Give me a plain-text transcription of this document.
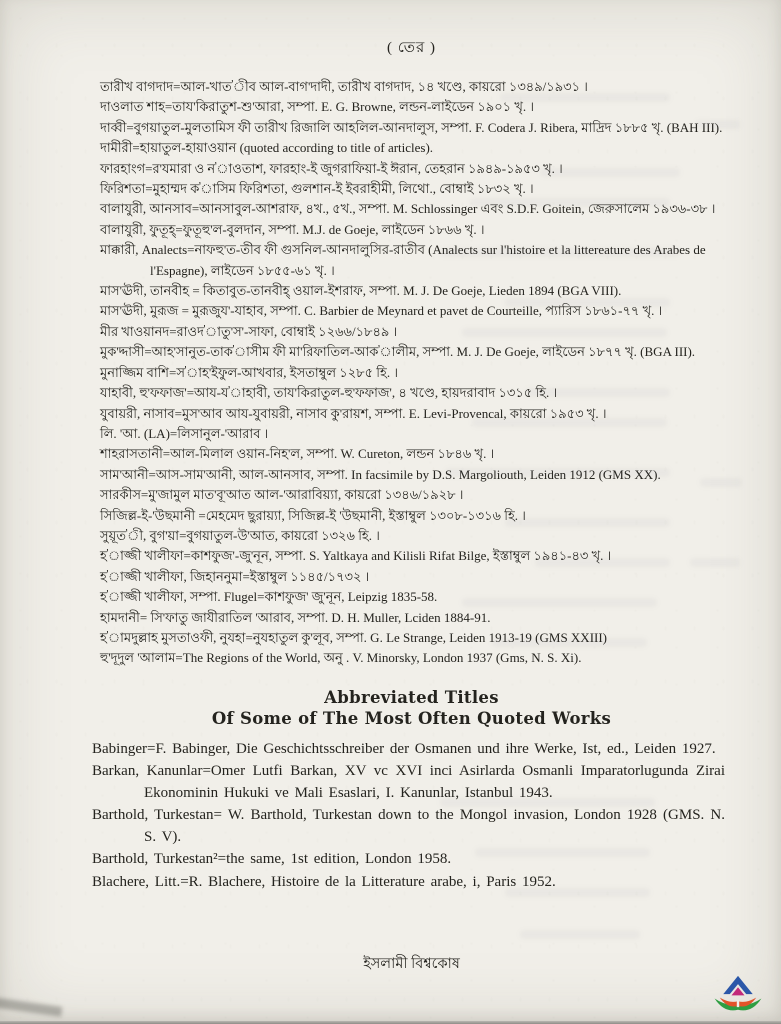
( তের )
তারীখ বাগদাদ=আল-খাত'ীব আল-বাগ'দাদী, তারীখ বাগদাদ, ১৪ খণ্ডে, কায়রো ১৩৪৯/১৯৩১ ।
দাওলাত শাহ=তায'কিরাতুশ-শু'আরা, সম্পা. E. G. Browne, লন্ডন-লাইডেন ১৯০১ খৃ. ।
দাব্বী=বুগয়াতুল-মুলতামিস ফী তারীখ রিজালি আহলিল-আনদালুস, সম্পা. F. Codera J. Ribera, মাদ্রিদ ১৮৮৫ খৃ. (BAH III).
দামীরী=হায়াতুল-হায়াওয়ান (quoted according to title of articles).
ফারহাংগ=র'যমারা ও ন'াওতাশ, ফারহাং-ই জুগরাফিয়া-ই ঈরান, তেহরান ১৯৪৯-১৯৫৩ খৃ. ।
ফিরিশতা=মুহাম্মদ ক'াসিম ফিরিশতা, গুলশান-ই ইবরাহীমী, লিথো., বোম্বাই ১৮৩২ খৃ. ।
বালাযুরী, আনসাব=আনসাবুল-আশরাফ, ৪খ., ৫খ., সম্পা. M. Schlossinger এবং S.D.F. Goitein, জেরুসালেম ১৯৩৬-৩৮ ।
বালাযুরী, ফুতূহ্=ফুতূহু'ল-বুলদান, সম্পা. M.J. de Goeje, লাইডেন ১৮৬৬ খৃ. ।
মাক্কারী, Analects=নাফহু'ত-তীব ফী গুসনিল-আনদালুসির-রাতীব (Analects sur l'histoire et la littereature des Arabes de l'Espagne), লাইডেন ১৮৫৫-৬১ খৃ. ।
মাস'ঊদী, তানবীহ = কিতাবুত-তানবীহ্ ওয়াল-ইশরাফ, সম্পা. M. J. De Goeje, Lieden 1894 (BGA VIII).
মাস'ঊদী, মুরূজ = মুরূজুয'-যাহাব, সম্পা. C. Barbier de Meynard et pavet de Courteille, প্যারিস ১৮৬১-৭৭ খৃ. ।
মীর খাওয়ানদ=রাওদ'াতু'স'-সাফা, বোম্বাই ১২৬৬/১৮৪৯ ।
মুক'দ্দাসী=আহ'সানুত-তাক'াসীম ফী মা'রিফাতিল-আক'ালীম, সম্পা. M. J. De Goeje, লাইডেন ১৮৭৭ খৃ. (BGA III).
মুনাজ্জিম বাশি=স'াহ'ইফুল-আখবার, ইসতাম্বুল ১২৮৫ হি. ।
যাহাবী, হু'ফফাজ'=আয-য'াহাবী, তায'কিরাতুল-হু'ফফাজ', ৪ খণ্ডে, হায়দরাবাদ ১৩১৫ হি. ।
যুবায়রী, নাসাব=মুস'আব আয-যুবায়রী, নাসাব কু'রায়শ, সম্পা. E. Levi-Provencal, কায়রো ১৯৫৩ খৃ. ।
লি. 'আ. (LA)=লিসানুল-'আরাব ।
শাহরাসতানী=আল-মিলাল ওয়ান-নিহ'ল, সম্পা. W. Cureton, লন্ডন ১৮৪৬ খৃ. ।
সাম'আনী=আস-সাম'আনী, আল-আনসাব, সম্পা. In facsimile by D.S. Margoliouth, Leiden 1912 (GMS XX).
সারকীস=মু'জামুল মাত'বূ'আত আল-'আরাবিয়্যা, কায়রো ১৩৪৬/১৯২৮ ।
সিজিল্ল-ই-'উছমানী =মেহমেদ ছুরায়্যা, সিজিল্ল-ই 'উছমানী, ইস্তাম্বুল ১৩০৮-১৩১৬ হি. ।
সুয়ূত'ী, বুগ'য়া=বুগয়াতুল-উ'আত, কায়রো ১৩২৬ হি. ।
হ'াজ্জী খালীফা=কাশফুজ'-জু'নূন, সম্পা. S. Yaltkaya and Kilisli Rifat Bilge, ইস্তাম্বুল ১৯৪১-৪৩ খৃ. ।
হ'াজ্জী খালীফা, জিহাননুমা=ইস্তাম্বুল ১১৪৫/১৭৩২ ।
হ'াজ্জী খালীফা, সম্পা. Flugel=কাশফুজ' জু'নূন, Leipzig 1835-58.
হামদানী= সি'ফাতু জাযীরাতিল 'আরাব, সম্পা. D. H. Muller, Lciden 1884-91.
হ'ামদুল্লাহ মুসতাওফী, নুযহা=নুযহাতুল কু'লূব, সম্পা. G. Le Strange, Leiden 1913-19 (GMS XXIII)
হু'দূদুল 'আলাম=The Regions of the World, অনু . V. Minorsky, London 1937 (Gms, N. S. Xi).
Abbreviated Titles
Of Some of The Most Often Quoted Works
Babinger=F. Babinger, Die Geschichtsschreiber der Osmanen und ihre Werke, Ist, ed., Leiden 1927.
Barkan, Kanunlar=Omer Lutfi Barkan, XV vc XVI inci Asirlarda Osmanli Imparatorlugunda Zirai Ekonominin Hukuki ve Mali Esaslari, I. Kanunlar, Istanbul 1943.
Barthold, Turkestan= W. Barthold, Turkestan down to the Mongol invasion, London 1928 (GMS. N. S. V).
Barthold, Turkestan²=the same, 1st edition, London 1958.
Blachere, Litt.=R. Blachere, Histoire de la Litterature arabe, i, Paris 1952.
ইসলামী বিশ্বকোষ
